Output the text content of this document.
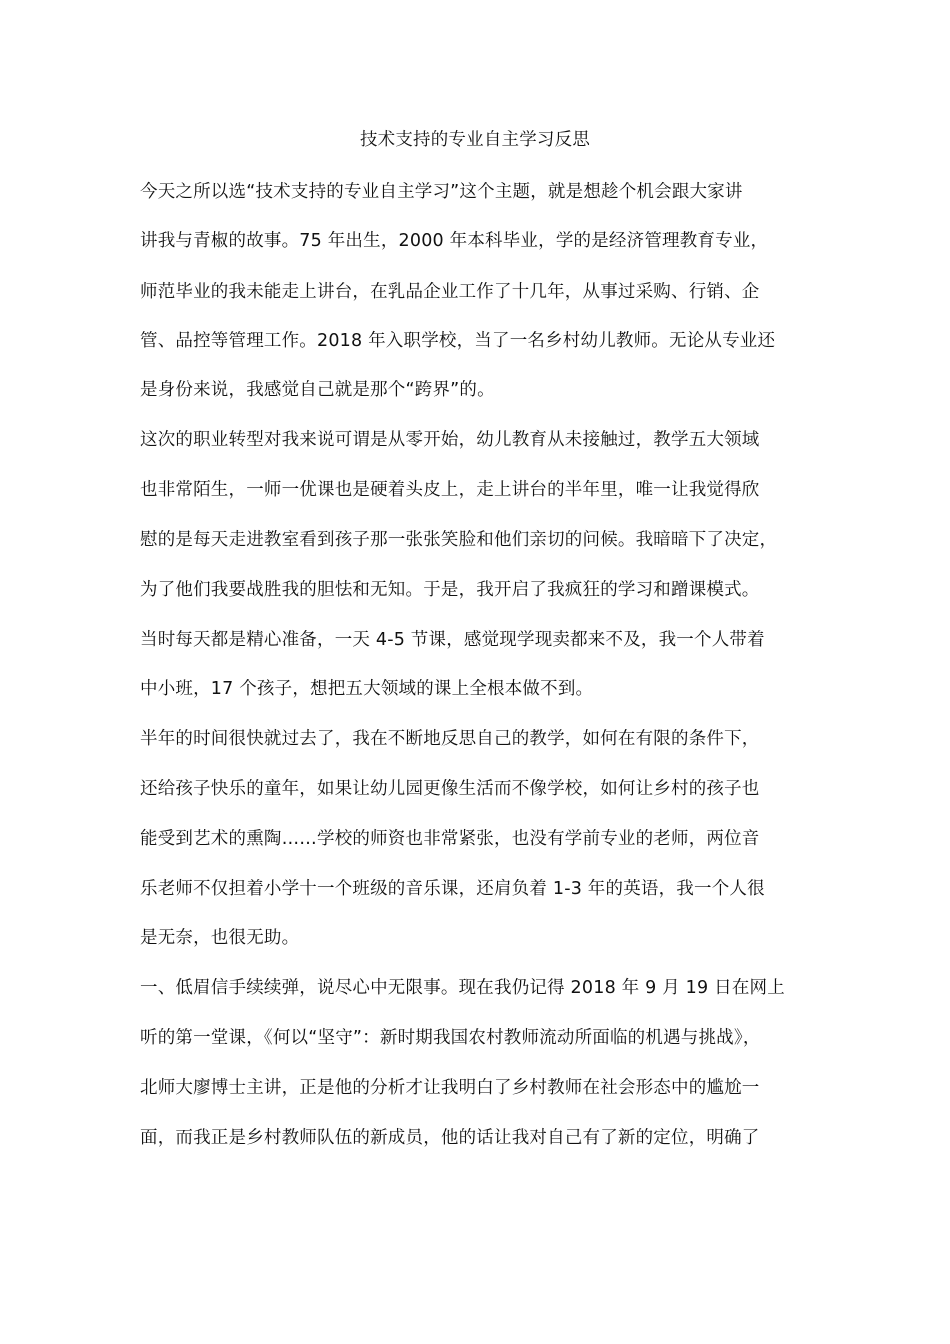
技术支持的专业自主学习反思
今天之所以选“技术支持的专业自主学习”这个主题，就是想趁个机会跟大家讲
讲我与青椒的故事。75 年出生，2000 年本科毕业，学的是经济管理教育专业，
师范毕业的我未能走上讲台，在乳品企业工作了十几年，从事过采购、行销、企
管、品控等管理工作。2018 年入职学校，当了一名乡村幼儿教师。无论从专业还
是身份来说，我感觉自己就是那个“跨界”的。
这次的职业转型对我来说可谓是从零开始，幼儿教育从未接触过，教学五大领域
也非常陌生，一师一优课也是硬着头皮上，走上讲台的半年里，唯一让我觉得欣
慰的是每天走进教室看到孩子那一张张笑脸和他们亲切的问候。我暗暗下了决定，
为了他们我要战胜我的胆怯和无知。于是，我开启了我疯狂的学习和蹭课模式。
当时每天都是精心准备，一天 4-5 节课，感觉现学现卖都来不及，我一个人带着
中小班，17 个孩子，想把五大领域的课上全根本做不到。
半年的时间很快就过去了，我在不断地反思自己的教学，如何在有限的条件下，
还给孩子快乐的童年，如果让幼儿园更像生活而不像学校，如何让乡村的孩子也
能受到艺术的熏陶……学校的师资也非常紧张，也没有学前专业的老师，两位音
乐老师不仅担着小学十一个班级的音乐课，还肩负着 1-3 年的英语，我一个人很
是无奈，也很无助。
一、低眉信手续续弹，说尽心中无限事。现在我仍记得 2018 年 9 月 19 日在网上
听的第一堂课，《何以“坚守”：新时期我国农村教师流动所面临的机遇与挑战》，
北师大廖博士主讲，正是他的分析才让我明白了乡村教师在社会形态中的尴尬一
面，而我正是乡村教师队伍的新成员，他的话让我对自己有了新的定位，明确了
